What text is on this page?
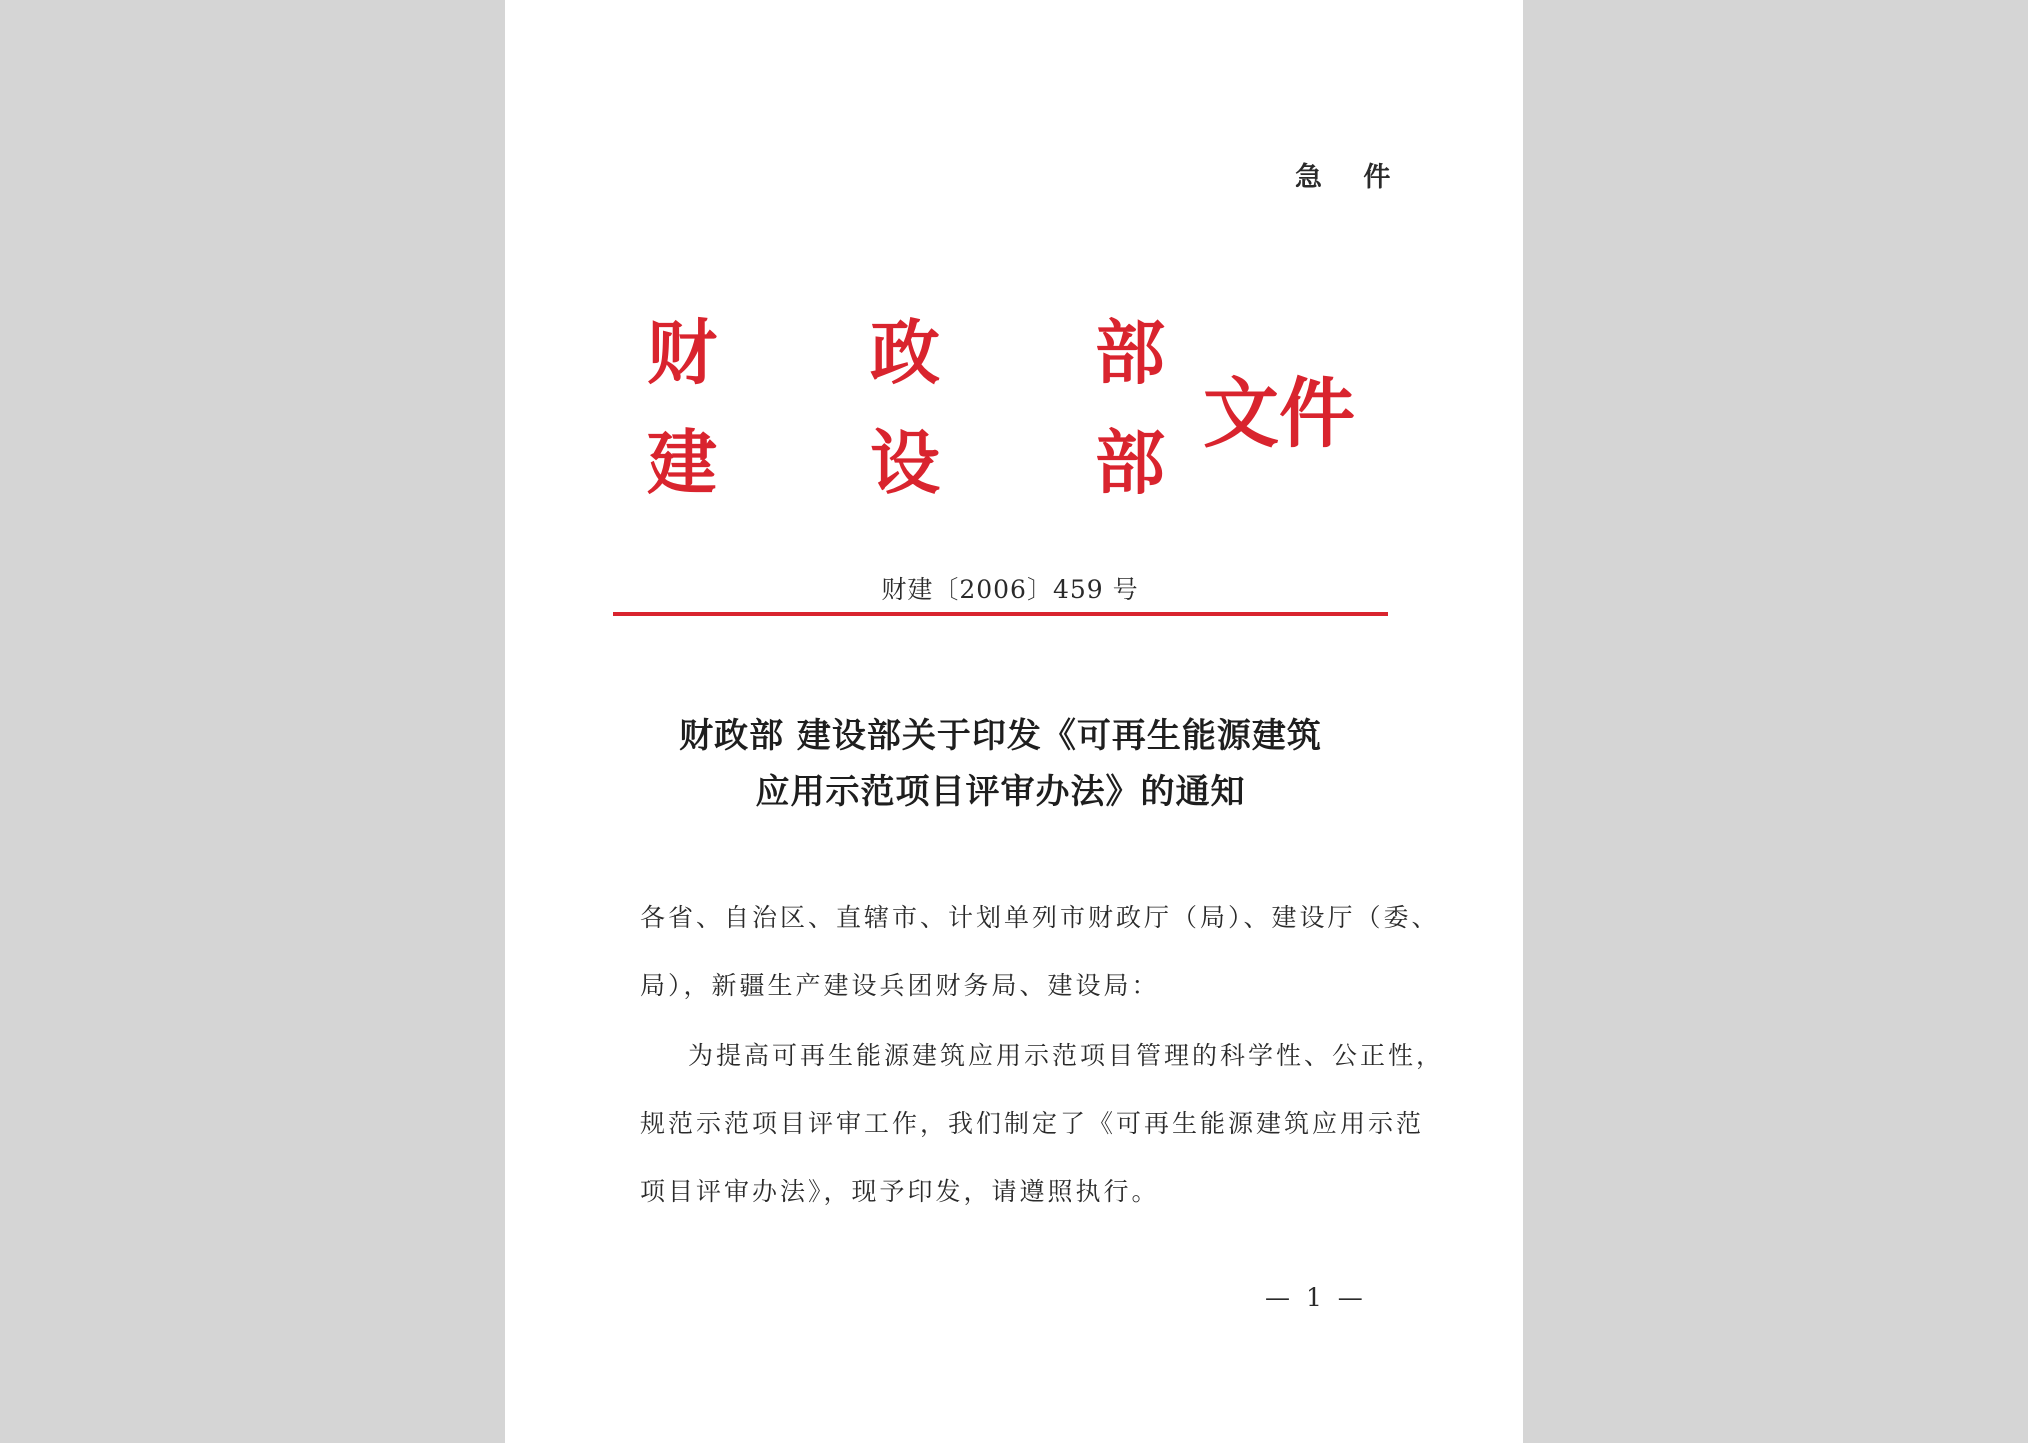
急 件
财 政 部
建 设 部
文件
财建〔2006〕459 号
财政部 建设部关于印发《可再生能源建筑
应用示范项目评审办法》的通知
各省、自治区、直辖市、计划单列市财政厅（局）、建设厅（委、
局），新疆生产建设兵团财务局、建设局：
为提高可再生能源建筑应用示范项目管理的科学性、公正性，
规范示范项目评审工作，我们制定了《可再生能源建筑应用示范
项目评审办法》，现予印发，请遵照执行。
— 1 —
